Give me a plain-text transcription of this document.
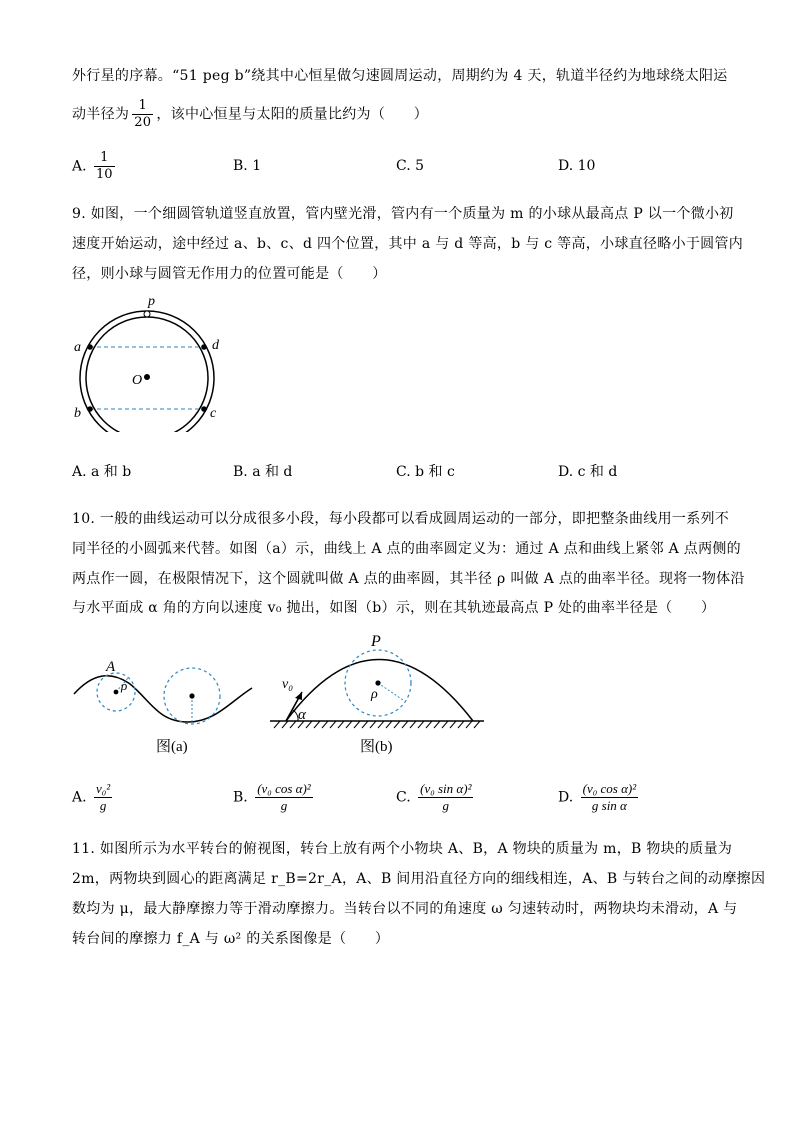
外行星的序幕。“51 peg b”绕其中心恒星做匀速圆周运动，周期约为 4 天，轨道半径约为地球绕太阳运
动半径为 $\frac{1}{20}$ ，该中心恒星与太阳的质量比约为（　　）
A. $\frac{1}{10}$	B. 1	C. 5	D. 10
9. 如图，一个细圆管轨道竖直放置，管内壁光滑，管内有一个质量为 m 的小球从最高点 P 以一个微小初
速度开始运动，途中经过 a、b、c、d 四个位置，其中 a 与 d 等高，b 与 c 等高，小球直径略小于圆管内
径，则小球与圆管无作用力的位置可能是（　　）
p
a	d
b	c
O
A. a 和 b	B. a 和 d	C. b 和 c	D. c 和 d
10. 一般的曲线运动可以分成很多小段，每小段都可以看成圆周运动的一部分，即把整条曲线用一系列不
同半径的小圆弧来代替。如图（a）示，曲线上 A 点的曲率圆定义为：通过 A 点和曲线上紧邻 A 点两侧的
两点作一圆，在极限情况下，这个圆就叫做 A 点的曲率圆，其半径 ρ 叫做 A 点的曲率半径。现将一物体沿
与水平面成 α 角的方向以速度 v₀ 抛出，如图（b）示，则在其轨迹最高点 P 处的曲率半径是（　　）
A
ρ
图(a)
P
v₀
α
ρ
图(b)
A. $\frac{\text{v₀²}}{g}$	B. $\frac{\text{(v₀ cos α)²}}{g}$	C. $\frac{\text{(v₀ sin α)²}}{g}$	D. $\frac{\text{(v₀ cos α)²}}{\text{g sin α}}$
11. 如图所示为水平转台的俯视图，转台上放有两个小物块 A、B，A 物块的质量为 m，B 物块的质量为
2m，两物块到圆心的距离满足 r_B=2r_A，A、B 间用沿直径方向的细线相连，A、B 与转台之间的动摩擦因
数均为 μ，最大静摩擦力等于滑动摩擦力。当转台以不同的角速度 ω 匀速转动时，两物块均未滑动，A 与
转台间的摩擦力 f_A 与 ω² 的关系图像是（　　）
